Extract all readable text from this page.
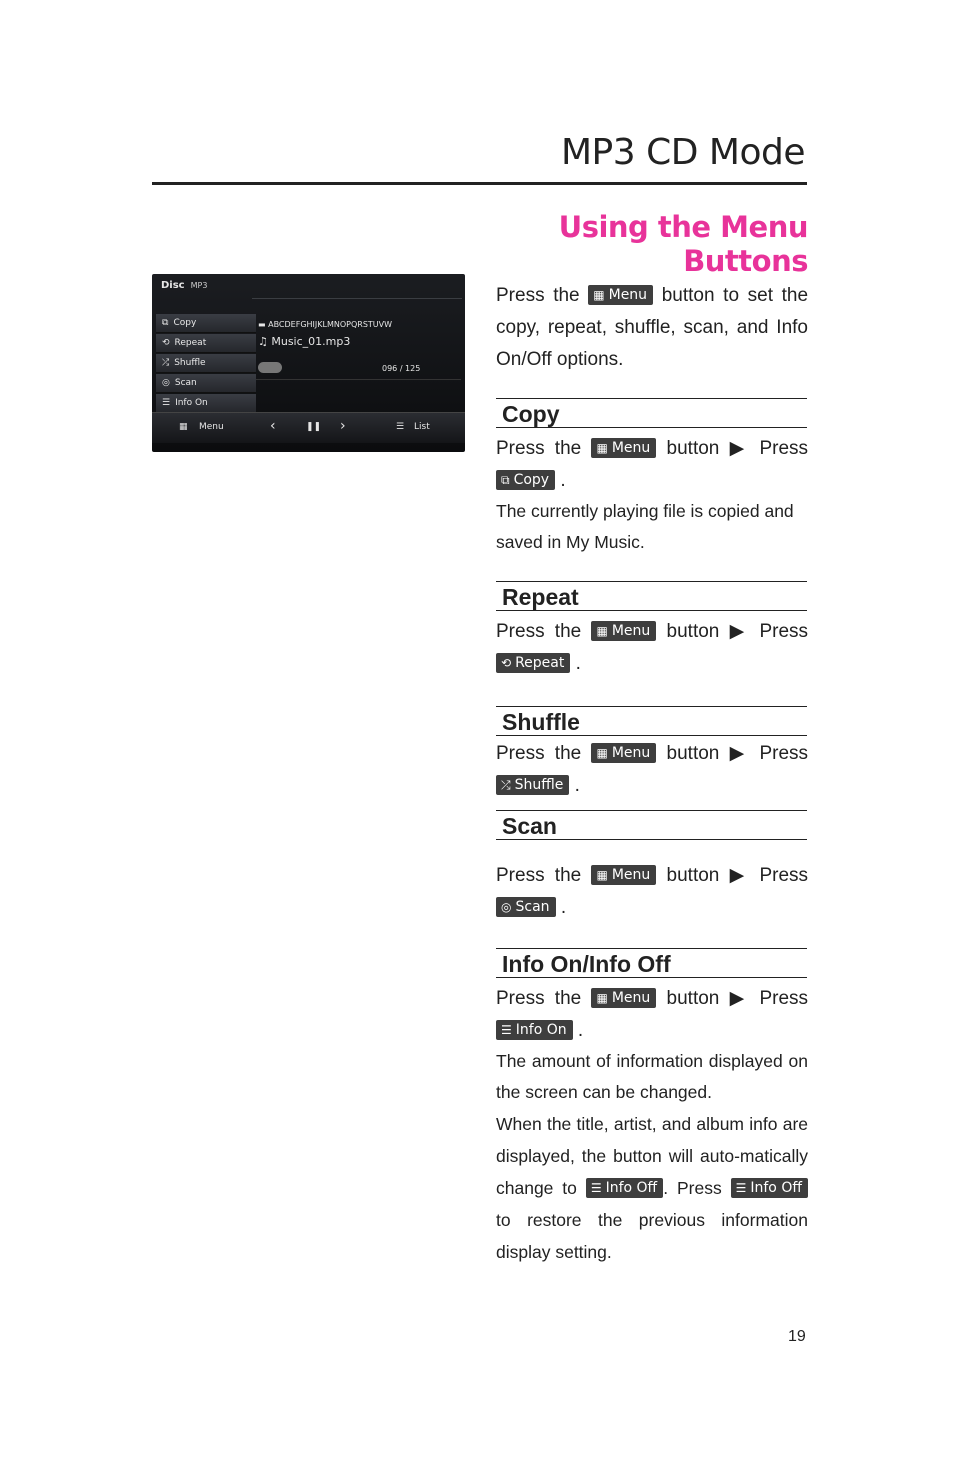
MP3 CD Mode
Using the Menu Buttons
Disc MP3
⧉ Copy
⟲ Repeat
⤮ Shuffle
◎ Scan
☰ Info On
▬ ABCDEFGHIJKLMNOPQRSTUVW
♫ Music_01.mp3
096 / 125
▦ Menu	‹	❚❚ ›	☰ List
Press the ▦ Menu button to set the copy, repeat, shuffle, scan, and Info On/Off options.
Copy
Press the ▦ Menu button ▶ Press
⧉ Copy .
The currently playing file is copied and saved in My Music.
Repeat
Press the ▦ Menu button ▶ Press
⟲ Repeat .
Shuffle
Press the ▦ Menu button ▶ Press
⤮ Shuffle .
Scan
Press the ▦ Menu button ▶ Press
◎ Scan .
Info On/Info Off
Press the ▦ Menu button ▶ Press
☰ Info On .
The amount of information displayed on the screen can be changed.
When the title, artist, and album info are displayed, the button will auto-matically change to ☰ Info Off . Press ☰ Info Off to restore the previous information display setting.
19
